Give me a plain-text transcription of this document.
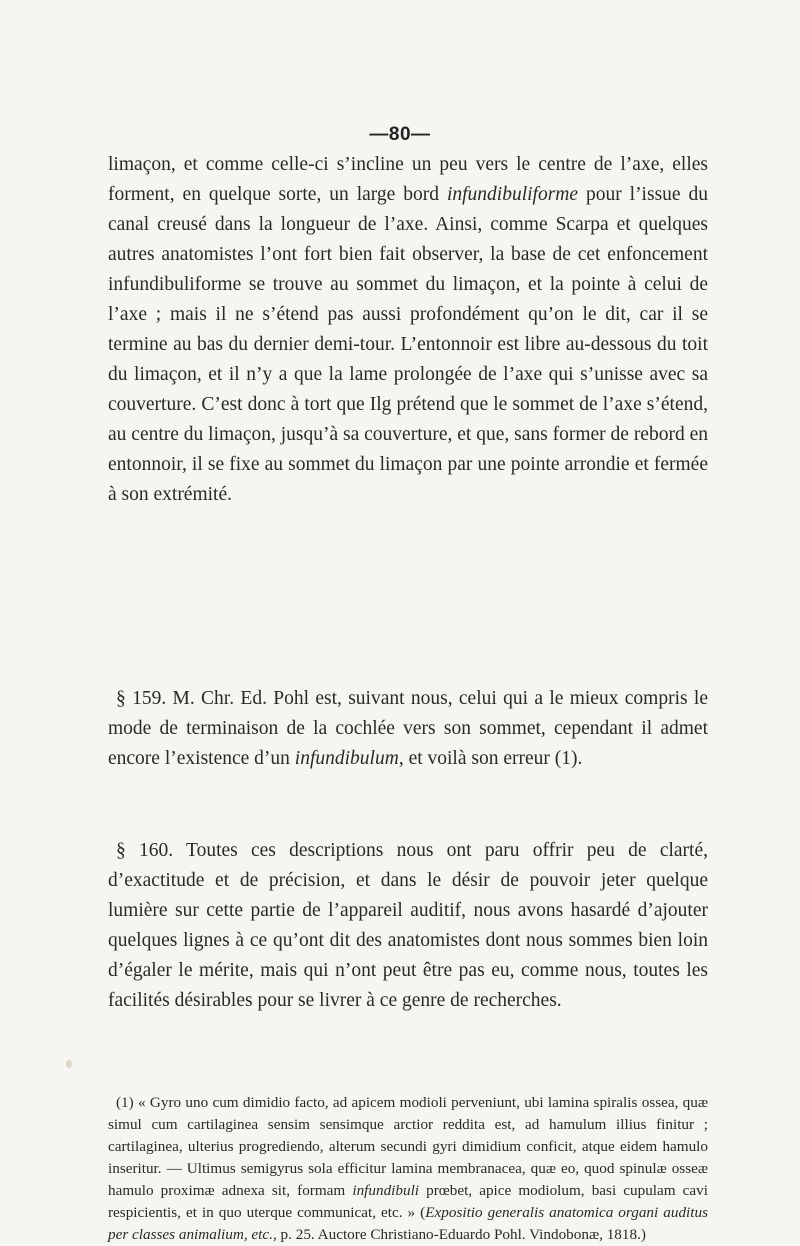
—80—

limaçon, et comme celle-ci s’incline un peu vers le centre de l’axe, elles forment, en quelque sorte, un large bord infundibuliforme pour l’issue du canal creusé dans la longueur de l’axe. Ainsi, comme Scarpa et quelques autres anatomistes l’ont fort bien fait observer, la base de cet enfoncement infundibuliforme se trouve au sommet du limaçon, et la pointe à celui de l’axe ; mais il ne s’étend pas aussi profondément qu’on le dit, car il se termine au bas du dernier demi-tour. L’entonnoir est libre au-dessous du toit du limaçon, et il n’y a que la lame prolongée de l’axe qui s’unisse avec sa couverture. C’est donc à tort que Ilg prétend que le sommet de l’axe s’étend, au centre du limaçon, jusqu’à sa couverture, et que, sans former de rebord en entonnoir, il se fixe au sommet du limaçon par une pointe arrondie et fermée à son extrémité.

§ 159. M. Chr. Ed. Pohl est, suivant nous, celui qui a le mieux compris le mode de terminaison de la cochlée vers son sommet, cependant il admet encore l’existence d’un infundibulum, et voilà son erreur (1).

§ 160. Toutes ces descriptions nous ont paru offrir peu de clarté, d’exactitude et de précision, et dans le désir de pouvoir jeter quelque lumière sur cette partie de l’appareil auditif, nous avons hasardé d’ajouter quelques lignes à ce qu’ont dit des anatomistes dont nous sommes bien loin d’égaler le mérite, mais qui n’ont peut être pas eu, comme nous, toutes les facilités désirables pour se livrer à ce genre de recherches.

(1) « Gyro uno cum dimidio facto, ad apicem modioli perveniunt, ubi lamina spiralis ossea, quæ simul cum cartilaginea sensim sensimque arctior reddita est, ad hamulum illius finitur ; cartilaginea, ulterius progrediendo, alterum secundi gyri dimidium conficit, atque eidem hamulo inseritur. — Ultimus semigyrus sola efficitur lamina membranacea, quæ eo, quod spinulæ osseæ hamulo proximæ adnexa sit, formam infundibuli prœbet, apice modiolum, basi cupulam cavi respicientis, et in quo uterque communicat, etc. » (Expositio generalis anatomica organi auditus per classes animalium, etc., p. 25. Auctore Christiano-Eduardo Pohl. Vindobonæ, 1818.)
